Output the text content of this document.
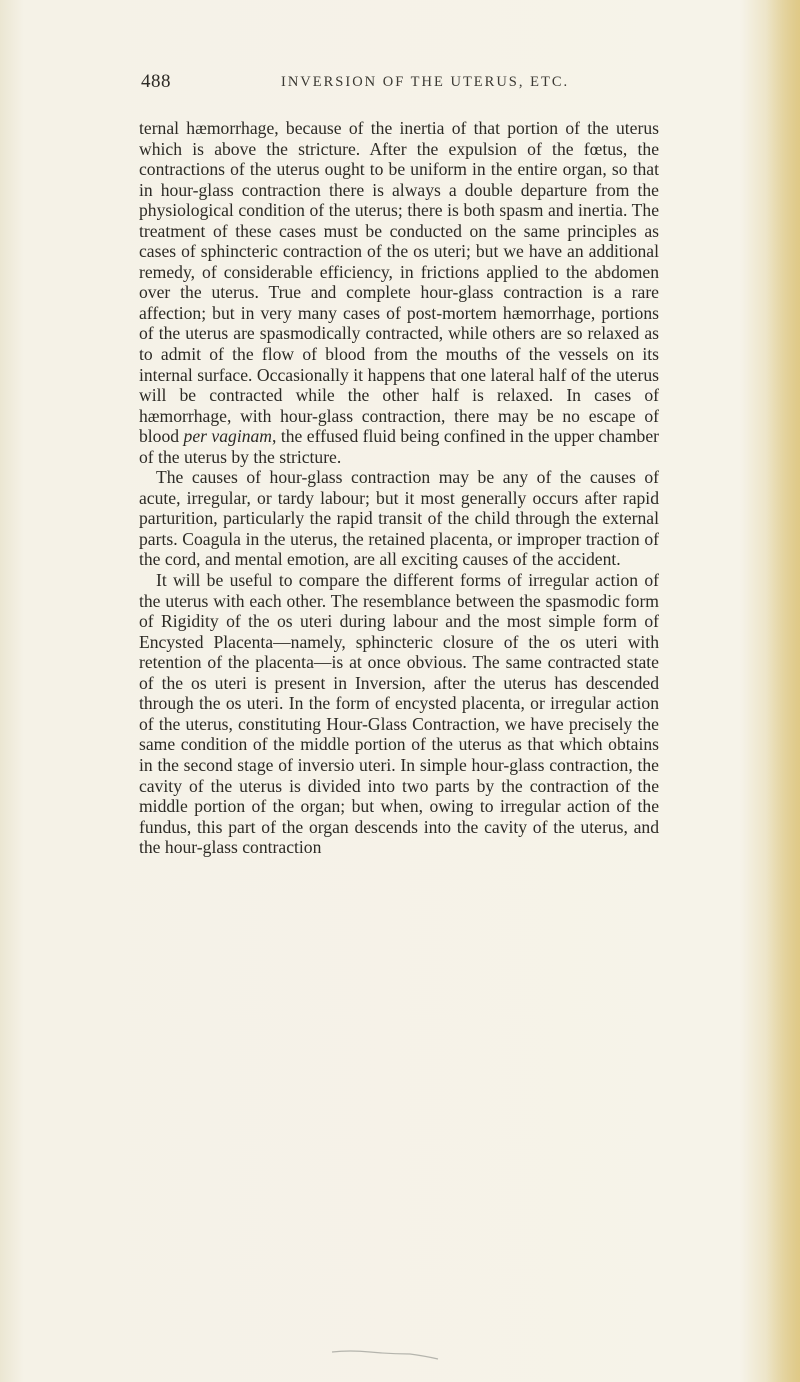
488	INVERSION OF THE UTERUS, ETC.

ternal hæmorrhage, because of the inertia of that portion of the uterus which is above the stricture. After the expulsion of the fœtus, the contractions of the uterus ought to be uniform in the entire organ, so that in hour-glass contraction there is always a double departure from the physiological condition of the uterus; there is both spasm and inertia. The treatment of these cases must be conducted on the same principles as cases of sphincteric contraction of the os uteri; but we have an additional remedy, of considerable efficiency, in frictions applied to the abdomen over the uterus. True and complete hour-glass contraction is a rare affection; but in very many cases of post-mortem hæmorrhage, portions of the uterus are spasmodically contracted, while others are so relaxed as to admit of the flow of blood from the mouths of the vessels on its internal surface. Occasionally it happens that one lateral half of the uterus will be contracted while the other half is relaxed. In cases of hæmorrhage, with hour-glass contraction, there may be no escape of blood per vaginam, the effused fluid being confined in the upper chamber of the uterus by the stricture.

The causes of hour-glass contraction may be any of the causes of acute, irregular, or tardy labour; but it most generally occurs after rapid parturition, particularly the rapid transit of the child through the external parts. Coagula in the uterus, the retained placenta, or improper traction of the cord, and mental emotion, are all exciting causes of the accident.

It will be useful to compare the different forms of irregular action of the uterus with each other. The resemblance between the spasmodic form of Rigidity of the os uteri during labour and the most simple form of Encysted Placenta—namely, sphincteric closure of the os uteri with retention of the placenta—is at once obvious. The same contracted state of the os uteri is present in Inversion, after the uterus has descended through the os uteri. In the form of encysted placenta, or irregular action of the uterus, constituting Hour-Glass Contraction, we have precisely the same condition of the middle portion of the uterus as that which obtains in the second stage of inversio uteri. In simple hour-glass contraction, the cavity of the uterus is divided into two parts by the contraction of the middle portion of the organ; but when, owing to irregular action of the fundus, this part of the organ descends into the cavity of the uterus, and the hour-glass contraction
